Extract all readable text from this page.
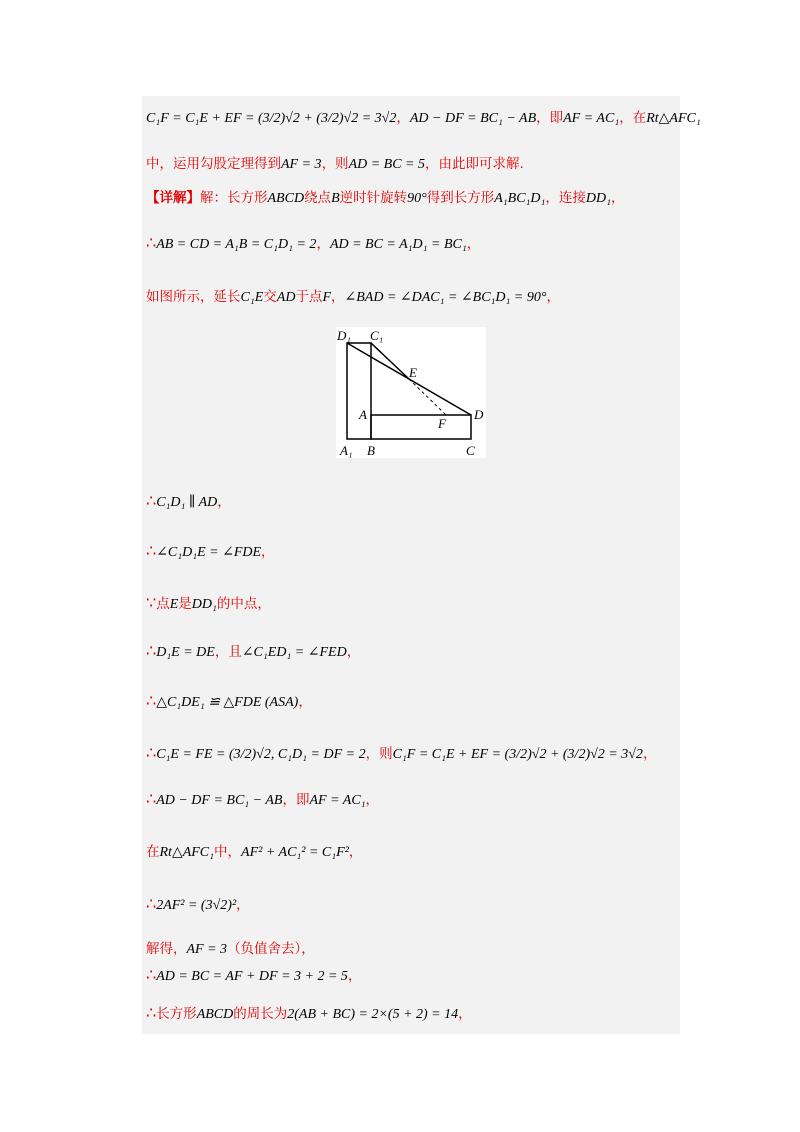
C₁F = C₁E + EF = (3/2)√2 + (3/2)√2 = 3√2，AD − DF = BC₁ − AB，即AF = AC₁，在Rt△AFC₁
中，运用勾股定理得到AF = 3，则AD = BC = 5，由此即可求解.
【详解】解：长方形ABCD绕点B逆时针旋转90°得到长方形A₁BC₁D₁，连接DD₁，
∴AB = CD = A₁B = C₁D₁ = 2，AD = BC = A₁D₁ = BC₁，
如图所示，延长C₁E交AD于点F，∠BAD = ∠DAC₁ = ∠BC₁D₁ = 90°，
D₁ C₁
E
A	D
F
A₁ B	C
∴C₁D₁ ∥ AD，
∴∠C₁D₁E = ∠FDE，
∵点E是DD₁的中点，
∴D₁E = DE，且∠C₁ED₁ = ∠FED，
∴△C₁DE₁ ≌ △FDE (ASA)，
∴C₁E = FE = (3/2)√2, C₁D₁ = DF = 2，则C₁F = C₁E + EF = (3/2)√2 + (3/2)√2 = 3√2，
∴AD − DF = BC₁ − AB，即AF = AC₁，
在Rt△AFC₁中，AF² + AC₁² = C₁F²，
∴2AF² = (3√2)²，
解得，AF = 3（负值舍去），
∴AD = BC = AF + DF = 3 + 2 = 5，
∴长方形ABCD的周长为2(AB + BC) = 2×(5 + 2) = 14，
